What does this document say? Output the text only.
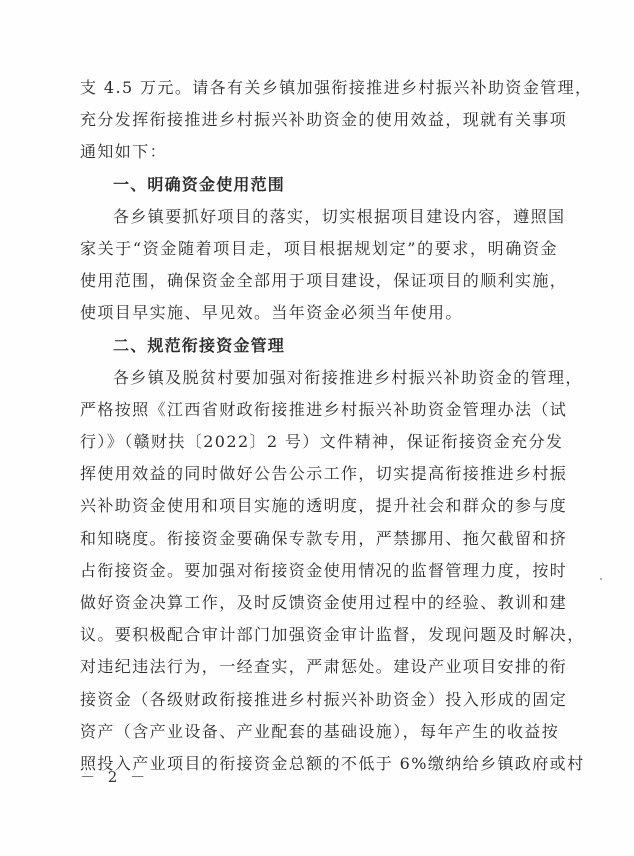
支 4.5 万元。请各有关乡镇加强衔接推进乡村振兴补助资金管理，
充分发挥衔接推进乡村振兴补助资金的使用效益，现就有关事项
通知如下：
一、明确资金使用范围
各乡镇要抓好项目的落实，切实根据项目建设内容，遵照国
家关于“资金随着项目走，项目根据规划定”的要求，明确资金
使用范围，确保资金全部用于项目建设，保证项目的顺利实施，
使项目早实施、早见效。当年资金必须当年使用。
二、规范衔接资金管理
各乡镇及脱贫村要加强对衔接推进乡村振兴补助资金的管理，
严格按照《江西省财政衔接推进乡村振兴补助资金管理办法（试
行）》（赣财扶〔2022〕2 号）文件精神，保证衔接资金充分发
挥使用效益的同时做好公告公示工作，切实提高衔接推进乡村振
兴补助资金使用和项目实施的透明度，提升社会和群众的参与度
和知晓度。衔接资金要确保专款专用，严禁挪用、拖欠截留和挤
占衔接资金。要加强对衔接资金使用情况的监督管理力度，按时
做好资金决算工作，及时反馈资金使用过程中的经验、教训和建
议。要积极配合审计部门加强资金审计监督，发现问题及时解决，
对违纪违法行为，一经查实，严肃惩处。建设产业项目安排的衔
接资金（各级财政衔接推进乡村振兴补助资金）投入形成的固定
资产（含产业设备、产业配套的基础设施），每年产生的收益按
照投入产业项目的衔接资金总额的不低于 6%缴纳给乡镇政府或村
－ 2 －
